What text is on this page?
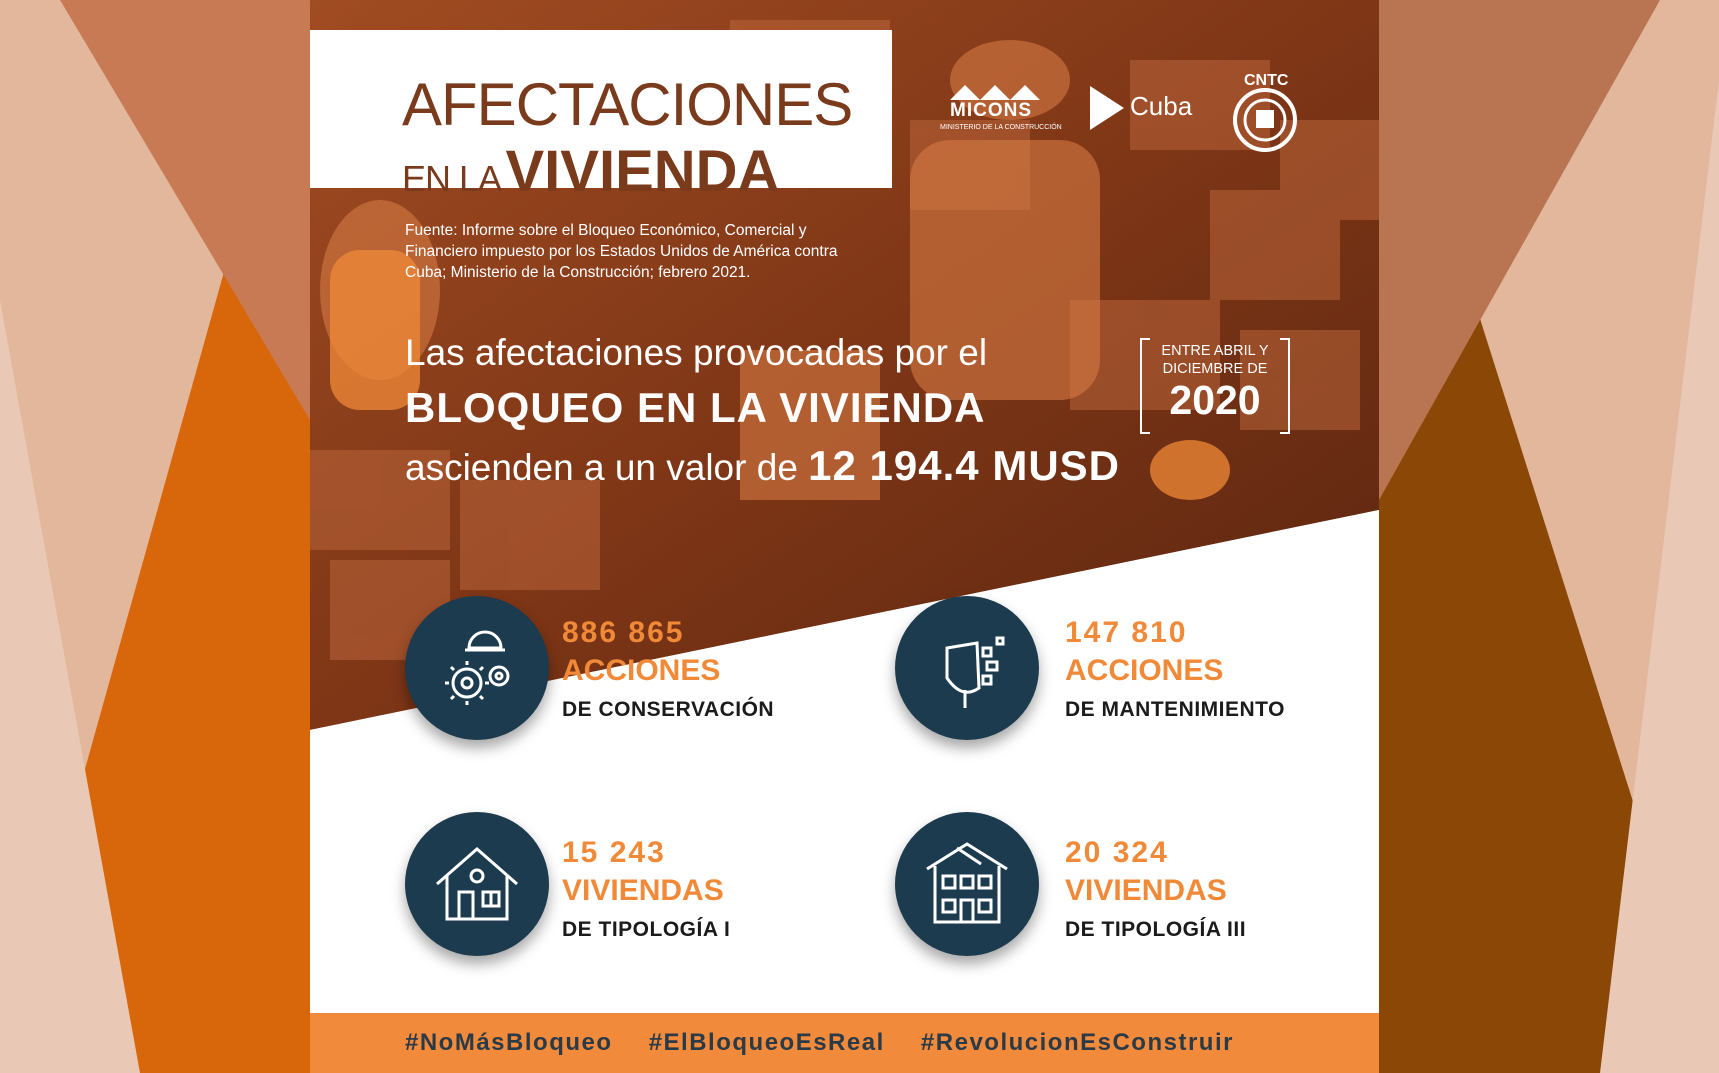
AFECTACIONES
EN LA VIVIENDA
MICONS
MINISTERIO DE LA CONSTRUCCIÓN
Cuba
CNTC
Fuente: Informe sobre el Bloqueo Económico, Comercial y Financiero impuesto por los Estados Unidos de América contra Cuba; Ministerio de la Construcción; febrero 2021.
Las afectaciones provocadas por el
BLOQUEO EN LA VIVIENDA
ascienden a un valor de 12 194.4 MUSD
ENTRE ABRIL Y DICIEMBRE DE
2020
886 865
ACCIONES
DE CONSERVACIÓN
147 810
ACCIONES
DE MANTENIMIENTO
15 243
VIVIENDAS
DE TIPOLOGÍA I
20 324
VIVIENDAS
DE TIPOLOGÍA III
#NoMásBloqueo #ElBloqueoEsReal #RevolucionEsConstruir
